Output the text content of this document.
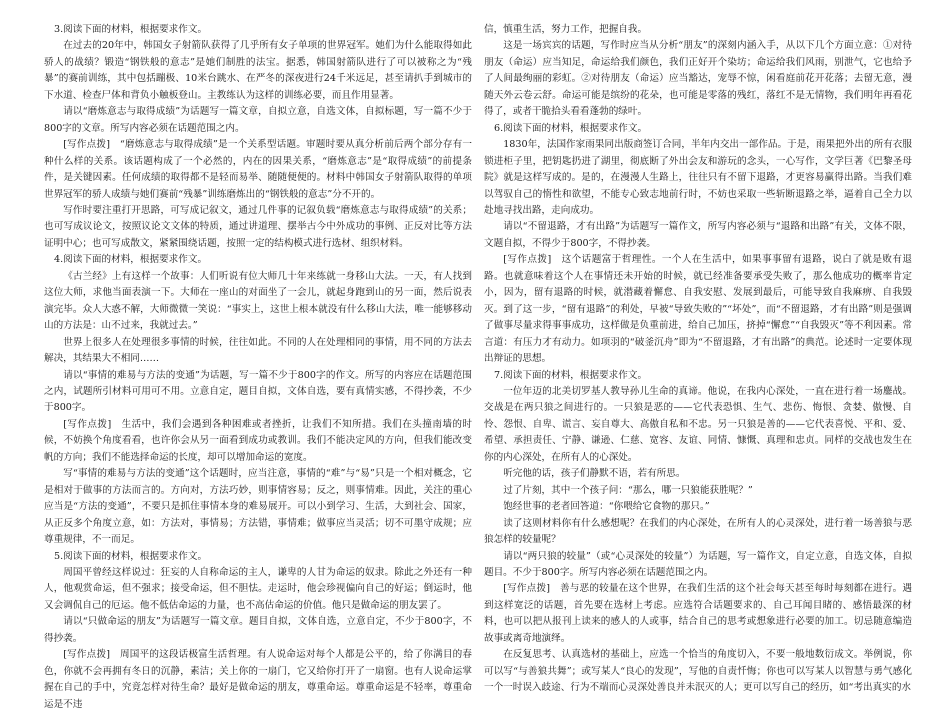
3.阅读下面的材料，根据要求作文。

在过去的20年中，韩国女子射箭队获得了几乎所有女子单项的世界冠军。她们为什么能取得如此骄人的战绩？锻造“钢铁般的意志”是她们制胜的法宝。据悉，韩国射箭队进行了可以被称之为“残暴”的赛前训练，其中包括蹦极、10米台跳水、在严冬的深夜进行24千米远足，甚至请扒手到城市的下水道、检查尸体和背负小触板登山。主教练认为这样的训练必要，而且作用显著。

请以“磨炼意志与取得成绩”为话题写一篇文章，自拟立意，自选文体，自拟标题，写一篇不少于800字的文章。所写内容必须在话题范围之内。

[写作点拨]　“磨炼意志与取得成绩”是一个关系型话题。审题时要从真分析前后两个部分存有一种什么样的关系。该话题构成了一个必然的，内在的因果关系，“磨炼意志”是“取得成绩”的前提条件，是关键因素。任何成绩的取得都不是轻而易举、随随便便的。材料中韩国女子射箭队取得的单项世界冠军的骄人成绩与她们赛前“残暴”训练磨炼出的“钢铁般的意志”分不开的。

写作时要注重打开思路，可写成记叙文，通过几件事的记叙负载“磨炼意志与取得成绩”的关系；也可写成议论文，按照议论文文体的特质，通过讲道理、摆举古今中外成功的事例、正反对比等方法证明中心；也可写成散文，紧紧围绕话题，按照一定的结构模式进行选材、组织材料。

4.阅读下面的材料，根据要求作文。

《古兰经》上有这样一个故事：人们听说有位大师几十年来练就一身移山大法。一天，有人找到这位大师，求他当面表演一下。大师在一座山的对面坐了一会儿，就起身跑到山的另一面，然后说表演完毕。众人大惑不解，大师微微一笑说：“事实上，这世上根本就没有什么移山大法，唯一能够移动山的方法是：山不过来，我就过去。”

世界上很多人在处理很多事情的时候，往往如此。不同的人在处理相同的事情，用不同的方法去解决，其结果大不相同……

请以“事情的难易与方法的变通”为话题，写一篇不少于800字的作文。所写的内容应在话题范围之内，试题所引材料可用可不用。立意自定，题目自拟，文体自选，要有真情实感，不得抄袭，不少于800字。

[写作点拨]　生活中，我们会遇到各种困难或者挫折，让我们不知所措。我们在头撞南墙的时候，不妨换个角度看看，也许你会从另一面看到成功或教训。我们不能决定风的方向，但我们能改变帆的方向；我们不能选择命运的长度，却可以增加命运的宽度。

写“事情的难易与方法的变通”这个话题时，应当注意，事情的“难”与“易”只是一个相对概念，它是相对于做事的方法而言的。方向对，方法巧妙，则事情容易；反之，则事情难。因此，关注的重心应当是“方法的变通”，不要只是抓住事情本身的难易展开。可以小到学习、生活，大到社会、国家，从正反多个角度立意，如：方法对，事情易；方法错，事情难；做事应当灵活；切不可墨守成规；应尊重规律，不一而足。

5.阅读下面的材料，根据要求作文。

周国平曾经这样说过：狂妄的人自称命运的主人，谦卑的人甘为命运的奴隶。除此之外还有一种人，他观赏命运，但不强求；接受命运，但不胆怯。走运时，他会珍视偏向自己的好运；倒运时，他又会调侃自己的厄运。他不低估命运的力量，也不高估命运的价值。他只是做命运的朋友罢了。

请以“只做命运的朋友”为话题写一篇文章。题目自拟，文体自选，立意自定，不少于800字，不得抄袭。

[写作点拨]　周国平的这段话极富生活哲理。有人说命运对每个人都是公平的，给了你满目的春色，你就不会再拥有冬日的沉静，素洁；关上你的一扇门，它又给你打开了一扇窗。也有人说命运掌握在自己的手中，究竟怎样对待生命？最好是做命运的朋友，尊重命运。尊重命运是不轻率，尊重命运是不违

信，慎重生活，努力工作，把握自我。

这是一场宾宾的话题，写作时应当从分析“朋友”的深刻内涵入手，从以下几个方面立意：①对待朋友（命运）应当知足，命运给我们颜色，我们正好开个染坊；命运给我们风雨，别泄气，它也给予了人间最绚丽的彩虹。②对待朋友（命运）应当豁达，宠辱不惊，闲看庭前花开花落；去留无意，漫随天外云卷云舒。命运可能是缤纷的花朵，也可能是零落的残红，落红不是无情物，我们明年再看花得了，或者干脆拾头看看蓬勃的绿叶。

6.阅读下面的材料，根据要求作文。

1830年，法国作家雨果同出版商签订合同，半年内交出一部作品。于是，雨果把外出的所有衣服锁进柜子里，把钥匙扔进了湖里，彻底断了外出会友和游玩的念头，一心写作，文学巨著《巴黎圣母院》就是这样写成的。是的，在漫漫人生路上，往往只有不留下退路，才更容易赢得出路。当我们难以驾驭自己的惰性和欲望，不能专心致志地前行时，不妨也采取一些斩断退路之举，逼着自己全力以赴地寻找出路，走向成功。

请以“不留退路，才有出路”为话题写一篇作文，所写内容必须与“退路和出路”有关，文体不限，文题自拟，不得少于800字，不得抄袭。

[写作点拨]　这个话题富于哲理性。一个人在生活中，如果事事留有退路，说白了就是败有退路。也就意味着这个人在事情还未开始的时候，就已经准备要承受失败了，那么他成功的概率肯定小，因为，留有退路的时候，就潜藏着懈怠、自我安慰、发展到最后，可能导致自我麻痹、自我毁灭。到了这一步，“留有退路”的利处，早被“导致失败的”“坏处”，而“不留退路，才有出路”则是强调了做事尽量求得事事成功，这样做是负重前进，给自己加压，挤掉“懈怠”“自我毁灭”等不利因素。常言道：有压力才有动力。如项羽的“破釜沉舟”即为“不留退路，才有出路”的典范。论述时一定要体现出辩证的思想。

7.阅读下面的材料，根据要求作文。

一位年迈的北美切罗基人教导孙儿生命的真谛。他说，在我内心深处，一直在进行着一场鏖战。交战是在两只狼之间进行的。一只狼是恶的——它代表恐惧、生气、悲伤、悔恨、贪婪、傲慢、自怜、怨恨、自卑、谎言、妄自尊大、高傲自私和不忠。另一只狼是善的——它代表喜悦、平和、爱、希望、承担责任、宁静、谦逊、仁慈、宽容、友谊、同情、慷慨、真理和忠贞。同样的交战也发生在你的内心深处，在所有人的心深处。

听完他的话，孩子们静默不语，若有所思。

过了片刻，其中一个孩子问：“那么，哪一只狼能获胜呢？”

饱经世事的老者回答道：“你喂给它食物的那只。”

读了这则材料你有什么感想呢？在我们的内心深处，在所有人的心灵深处，进行着一场善狼与恶狼怎样的较量呢？

请以“两只狼的较量”（或“心灵深处的较量”）为话题，写一篇作文，自定立意，自选文体，自拟题目。不少于800字。所写内容必须在话题范围之内。

[写作点拨]　善与恶的较量在这个世界，在我们生活的这个社会每天甚至每时每刻都在进行。遇到这样宽泛的话题，首先要在选材上考虑。应选符合话题要求的、自己耳闻目睹的、感悟最深的材料，也可以把从报刊上读来的感人的人或事，结合自己的思考或想象进行必要的加工。切忌随意编造故事或离奇地演绎。

在反复思考、认真选材的基础上，应选一个恰当的角度切入，不要一般地数衍成文。举例说，你可以写“与善狼共舞”；或写某人“良心的发现”，写他的自责忏悔；你也可以写某人以智慧与勇气感化一个一时误入歧途、行为不端而心灵深处善良并未泯灭的人；更可以写自己的经历，如“考出真实的水
